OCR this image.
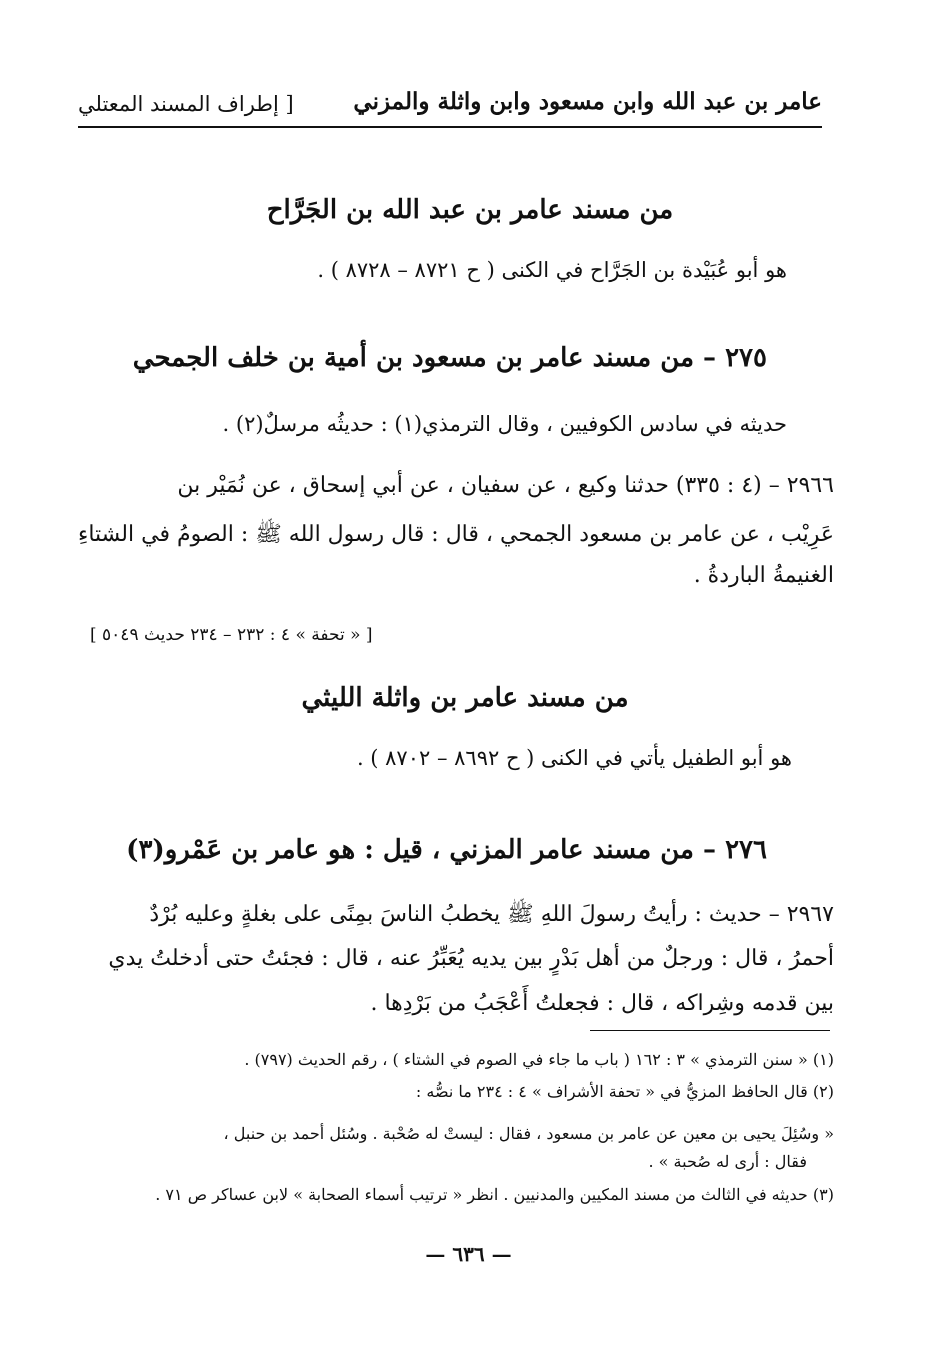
عامر بن عبد الله وابن مسعود وابن واثلة والمزني
[ إطراف المسند المعتلي
من مسند عامر بن عبد الله بن الجَرَّاح
هو أبو عُبَيْدة بن الجَرَّاح في الكنى ( ح ٨٧٢١ – ٨٧٢٨ ) .
٢٧٥ – من مسند عامر بن مسعود بن أمية بن خلف الجمحي
حديثه في سادس الكوفيين ، وقال الترمذي(١) : حديثُه مرسلٌ(٢) .
٢٩٦٦ – (٤ : ٣٣٥) حدثنا وكيع ، عن سفيان ، عن أبي إسحاق ، عن نُمَيْر بن
عَرِيْب ، عن عامر بن مسعود الجمحي ، قال : قال رسول الله ﷺ : الصومُ في الشتاءِ
الغنيمةُ الباردةُ .
[ « تحفة » ٤ : ٢٣٢ – ٢٣٤ حديث ٥٠٤٩ ]
من مسند عامر بن واثلة الليثي
هو أبو الطفيل يأتي في الكنى ( ح ٨٦٩٢ – ٨٧٠٢ ) .
٢٧٦ – من مسند عامر المزني ، قيل : هو عامر بن عَمْرو(٣)
٢٩٦٧ – حديث : رأيتُ رسولَ اللهِ ﷺ يخطبُ الناسَ بمِنًى على بغلةٍ وعليه بُرْدٌ
أحمرُ ، قال : ورجلٌ من أهل بَدْرٍ بين يديه يُعَبِّرُ عنه ، قال : فجئتُ حتى أدخلتُ يدي
بين قدمه وشِراكه ، قال : فجعلتُ أَعْجَبُ من بَرْدِها .
(١) « سنن الترمذي » ٣ : ١٦٢ ( باب ما جاء في الصوم في الشتاء ) ، رقم الحديث (٧٩٧) .
(٢) قال الحافظ المزيُّ في « تحفة الأشراف » ٤ : ٢٣٤ ما نصُّه :
« وسُئِلَ يحيى بن معين عن عامر بن مسعود ، فقال : ليستْ له صُحْبة . وسُئل أحمد بن حنبل ،
فقال : أرى له صُحبة » .
(٣) حديثه في الثالث من مسند المكيين والمدنيين . انظر « ترتيب أسماء الصحابة » لابن عساكر ص ٧١ .
— ٦٣٦ —
